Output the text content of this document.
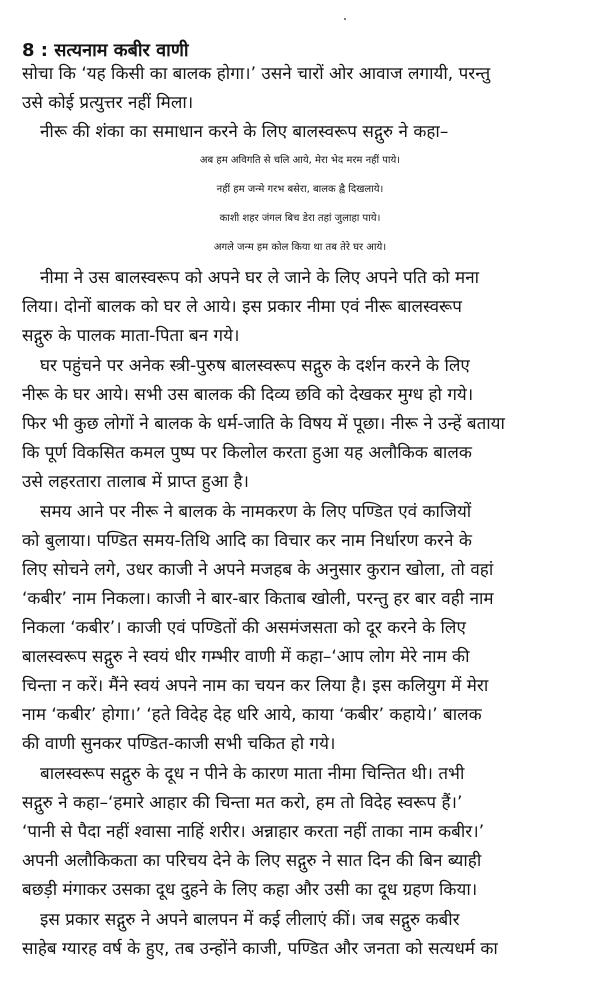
8 : सत्यनाम कबीर वाणी
सोचा कि ‘यह किसी का बालक होगा।’ उसने चारों ओर आवाज लगायी, परन्तु
उसे कोई प्रत्युत्तर नहीं मिला।
नीरू की शंका का समाधान करने के लिए बालस्वरूप सद्गुरु ने कहा–
अब हम अविगति से चलि आये, मेरा भेद मरम नहीं पाये।
नहीं हम जन्मे गरभ बसेरा, बालक ह्वै दिखलाये।
काशी शहर जंगल बिच डेरा तहां जुलाहा पाये।
अगले जन्म हम कोल किया था तब तेरे घर आये।
नीमा ने उस बालस्वरूप को अपने घर ले जाने के लिए अपने पति को मना
लिया। दोनों बालक को घर ले आये। इस प्रकार नीमा एवं नीरू बालस्वरूप
सद्गुरु के पालक माता-पिता बन गये।
घर पहुंचने पर अनेक स्त्री-पुरुष बालस्वरूप सद्गुरु के दर्शन करने के लिए
नीरू के घर आये। सभी उस बालक की दिव्य छवि को देखकर मुग्ध हो गये।
फिर भी कुछ लोगों ने बालक के धर्म-जाति के विषय में पूछा। नीरू ने उन्हें बताया
कि पूर्ण विकसित कमल पुष्प पर किलोल करता हुआ यह अलौकिक बालक
उसे लहरतारा तालाब में प्राप्त हुआ है।
समय आने पर नीरू ने बालक के नामकरण के लिए पण्डित एवं काजियों
को बुलाया। पण्डित समय-तिथि आदि का विचार कर नाम निर्धारण करने के
लिए सोचने लगे, उधर काजी ने अपने मजहब के अनुसार कुरान खोला, तो वहां
‘कबीर’ नाम निकला। काजी ने बार-बार किताब खोली, परन्तु हर बार वही नाम
निकला ‘कबीर’। काजी एवं पण्डितों की असमंजसता को दूर करने के लिए
बालस्वरूप सद्गुरु ने स्वयं धीर गम्भीर वाणी में कहा–‘आप लोग मेरे नाम की
चिन्ता न करें। मैंने स्वयं अपने नाम का चयन कर लिया है। इस कलियुग में मेरा
नाम ‘कबीर’ होगा।’ ‘हते विदेह देह धरि आये, काया ‘कबीर’ कहाये।’ बालक
की वाणी सुनकर पण्डित-काजी सभी चकित हो गये।
बालस्वरूप सद्गुरु के दूध न पीने के कारण माता नीमा चिन्तित थी। तभी
सद्गुरु ने कहा–‘हमारे आहार की चिन्ता मत करो, हम तो विदेह स्वरूप हैं।’
‘पानी से पैदा नहीं श्वासा नाहिं शरीर। अन्नाहार करता नहीं ताका नाम कबीर।’
अपनी अलौकिकता का परिचय देने के लिए सद्गुरु ने सात दिन की बिन ब्याही
बछड़ी मंगाकर उसका दूध दुहने के लिए कहा और उसी का दूध ग्रहण किया।
इस प्रकार सद्गुरु ने अपने बालपन में कई लीलाएं कीं। जब सद्गुरु कबीर
साहेब ग्यारह वर्ष के हुए, तब उन्होंने काजी, पण्डित और जनता को सत्यधर्म का
